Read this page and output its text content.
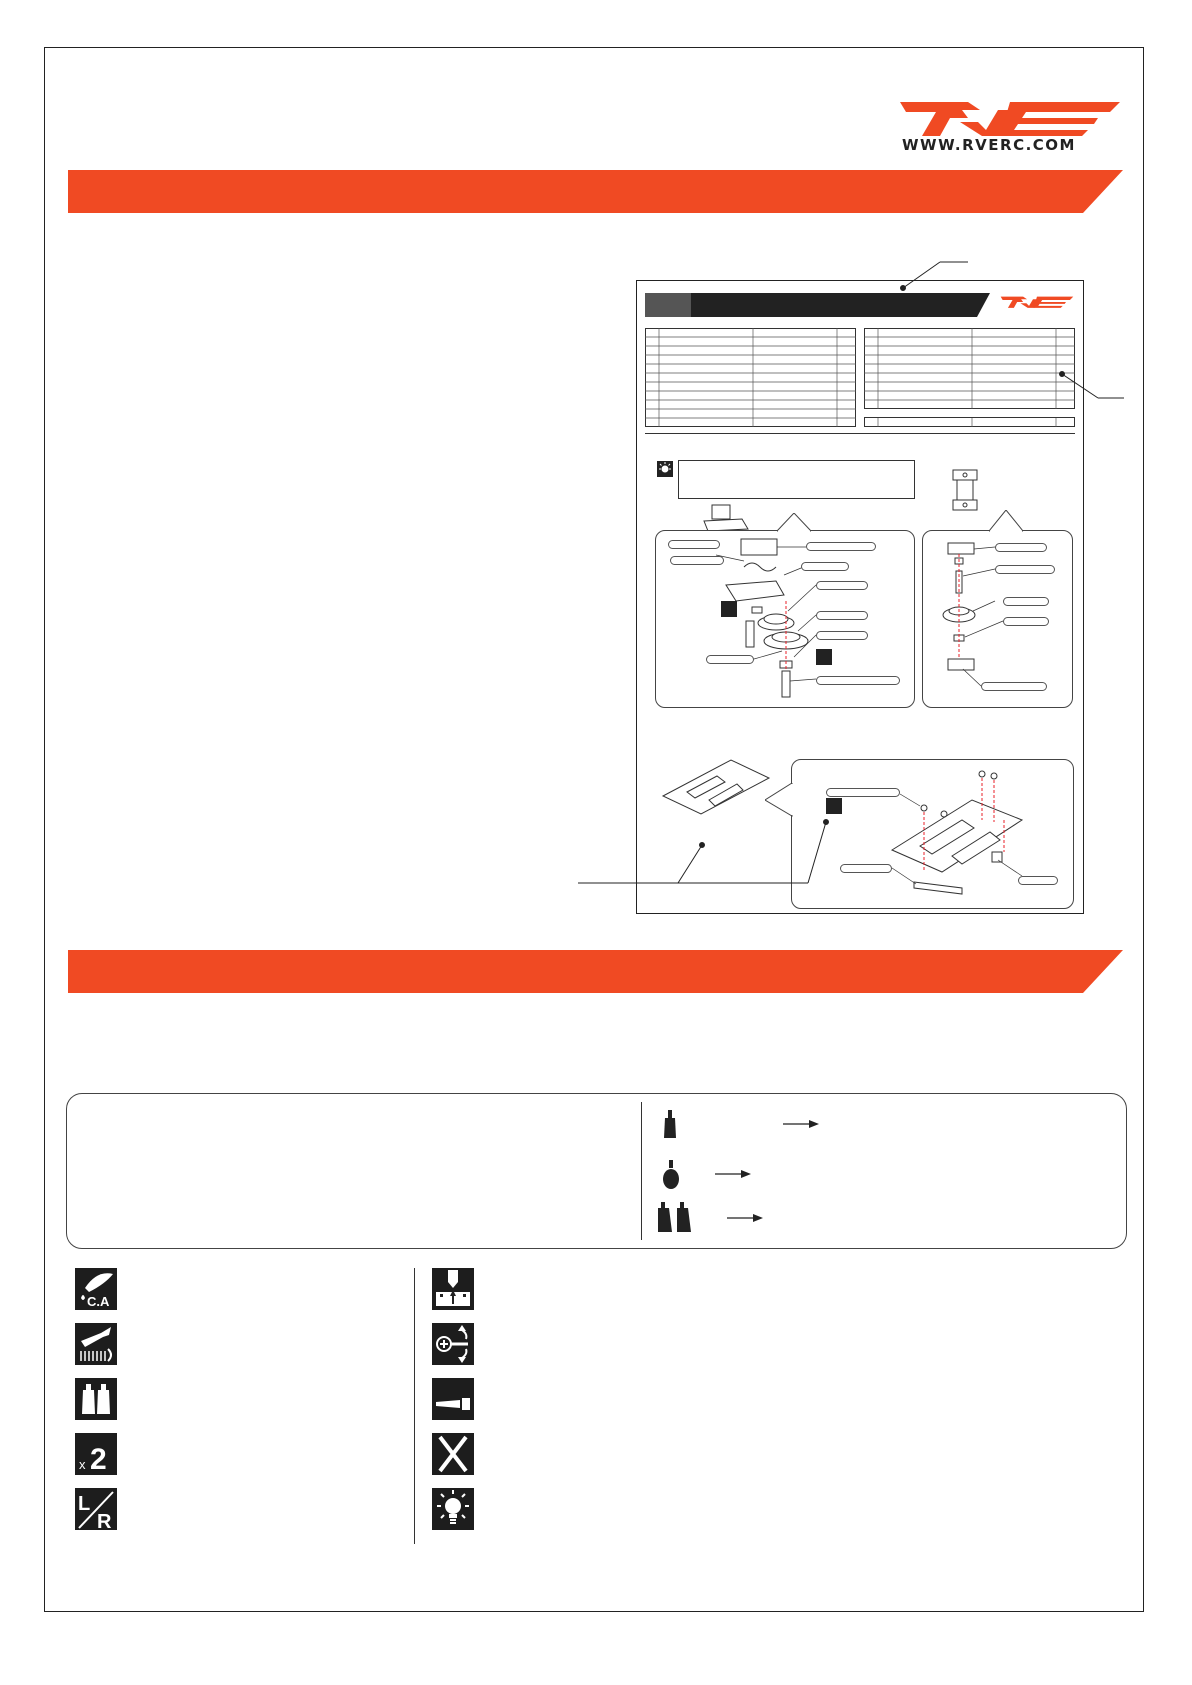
WWW.RVERC.COM
C.A
x 2
L
R
